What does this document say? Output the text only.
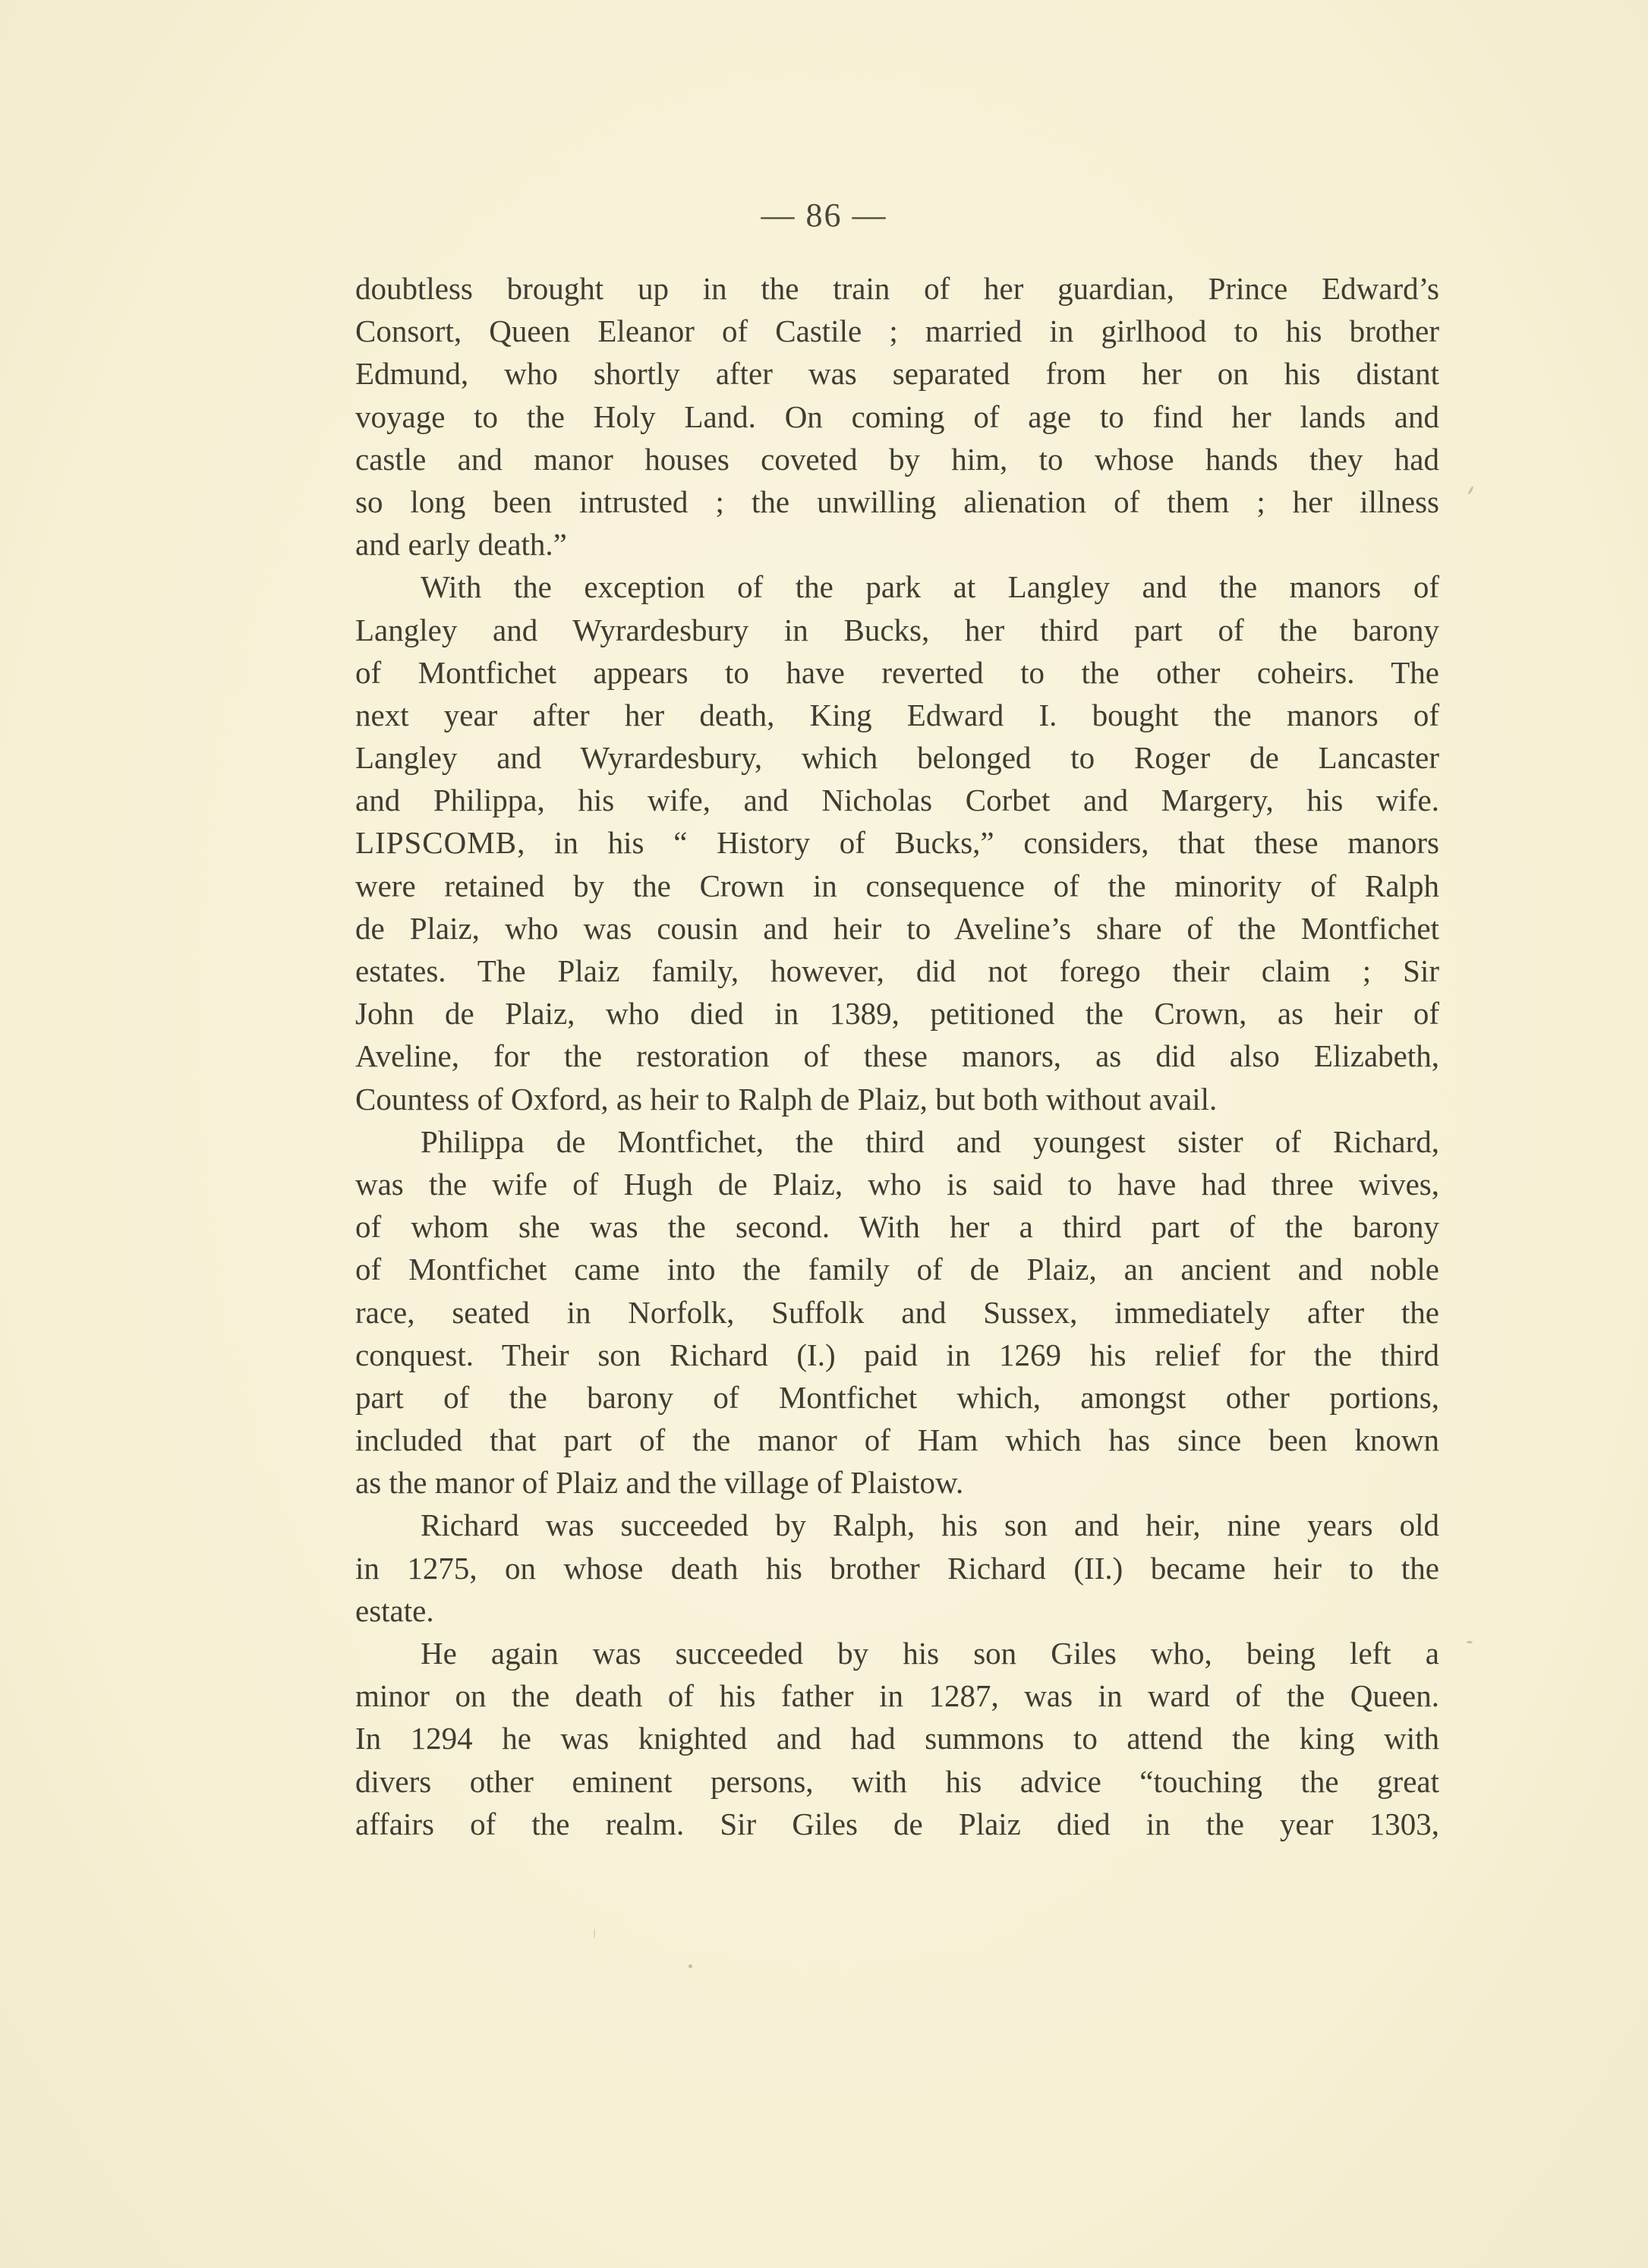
— 86 —
doubtless brought up in the train of her guardian, Prince Edward’s
Consort, Queen Eleanor of Castile ; married in girlhood to his brother
Edmund, who shortly after was separated from her on his distant
voyage to the Holy Land. On coming of age to find her lands and
castle and manor houses coveted by him, to whose hands they had
so long been intrusted ; the unwilling alienation of them ; her illness
and early death.”
With the exception of the park at Langley and the manors of
Langley and Wyrardesbury in Bucks, her third part of the barony
of Montfichet appears to have reverted to the other coheirs. The
next year after her death, King Edward I. bought the manors of
Langley and Wyrardesbury, which belonged to Roger de Lancaster
and Philippa, his wife, and Nicholas Corbet and Margery, his wife.
LIPSCOMB, in his “ History of Bucks,” considers, that these manors
were retained by the Crown in consequence of the minority of Ralph
de Plaiz, who was cousin and heir to Aveline’s share of the Montfichet
estates. The Plaiz family, however, did not forego their claim ; Sir
John de Plaiz, who died in 1389, petitioned the Crown, as heir of
Aveline, for the restoration of these manors, as did also Elizabeth,
Countess of Oxford, as heir to Ralph de Plaiz, but both without avail.
Philippa de Montfichet, the third and youngest sister of Richard,
was the wife of Hugh de Plaiz, who is said to have had three wives,
of whom she was the second. With her a third part of the barony
of Montfichet came into the family of de Plaiz, an ancient and noble
race, seated in Norfolk, Suffolk and Sussex, immediately after the
conquest. Their son Richard (I.) paid in 1269 his relief for the third
part of the barony of Montfichet which, amongst other portions,
included that part of the manor of Ham which has since been known
as the manor of Plaiz and the village of Plaistow.
Richard was succeeded by Ralph, his son and heir, nine years old
in 1275, on whose death his brother Richard (II.) became heir to the
estate.
He again was succeeded by his son Giles who, being left a
minor on the death of his father in 1287, was in ward of the Queen.
In 1294 he was knighted and had summons to attend the king with
divers other eminent persons, with his advice “touching the great
affairs of the realm. Sir Giles de Plaiz died in the year 1303,
